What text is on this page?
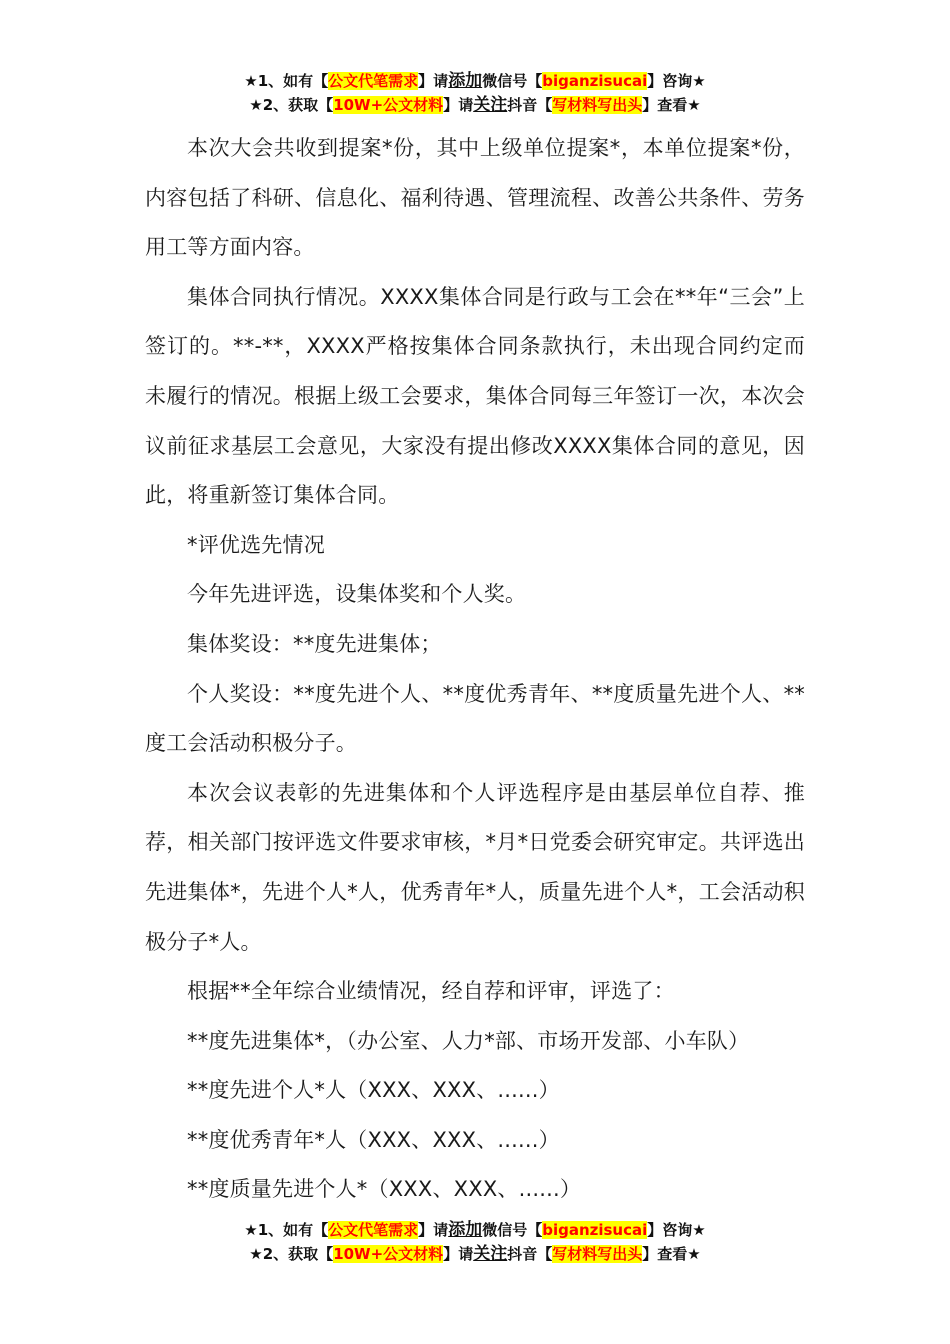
★1、如有【公文代笔需求】请添加微信号【biganzisucai】咨询★
★2、获取【10W+公文材料】请关注抖音【写材料写出头】查看★

本次大会共收到提案*份，其中上级单位提案*，本单位提案*份，内容包括了科研、信息化、福利待遇、管理流程、改善公共条件、劳务用工等方面内容。

集体合同执行情况。XXXX集体合同是行政与工会在**年“三会”上签订的。**-**，XXXX严格按集体合同条款执行，未出现合同约定而未履行的情况。根据上级工会要求，集体合同每三年签订一次，本次会议前征求基层工会意见，大家没有提出修改XXXX集体合同的意见，因此，将重新签订集体合同。

*评优选先情况

今年先进评选，设集体奖和个人奖。

集体奖设：**度先进集体；

个人奖设：**度先进个人、**度优秀青年、**度质量先进个人、**度工会活动积极分子。

本次会议表彰的先进集体和个人评选程序是由基层单位自荐、推荐，相关部门按评选文件要求审核，*月*日党委会研究审定。共评选出先进集体*，先进个人*人，优秀青年*人，质量先进个人*，工会活动积极分子*人。

根据**全年综合业绩情况，经自荐和评审，评选了：

**度先进集体*，（办公室、人力*部、市场开发部、小车队）

**度先进个人*人（XXX、XXX、......）

**度优秀青年*人（XXX、XXX、......）

**度质量先进个人*（XXX、XXX、......）

★1、如有【公文代笔需求】请添加微信号【biganzisucai】咨询★
★2、获取【10W+公文材料】请关注抖音【写材料写出头】查看★
